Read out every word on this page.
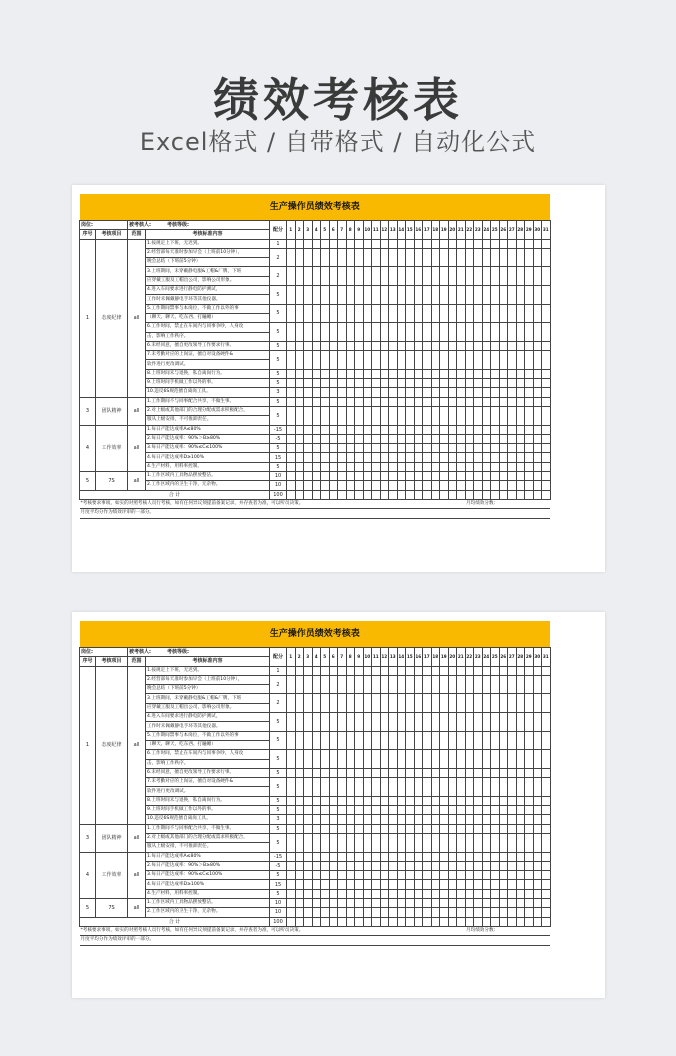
绩效考核表
Excel格式 / 自带格式 / 自动化公式
生产操作员绩效考核表																																			
岗位:		被考核人: 考核等级:		配分	1	2	3	4	5	6	7	8	9	10	11	12	13	14	15	16	17	18	19	20	21	22	23	24	25	26	27	28	29	30	31
序号	考核项目	范围	考核标准内容																																
1	态度纪律	all	1.按规定上下班，无迟到。	1																															
			2.经营部每天准时参加早会（上班前10分钟），	2																															
			晚会总结（下班前5分钟）																																
			3.上班期间，未穿戴静电服&工帽&厂牌，下班	2																															
			应穿戴工服及工帽出公司，影响公司形象。																																
			4.进入车间要求进行静电防护测试，	5																															
			工作时未佩戴静电手环等其他仪器。																																
			5.工作期间禁事与本岗位，不做工作以外的事	5																															
			（聊天、聊天、吃东西、打瞌睡）																																
			6.工作时间，禁止在车间内与同事争吵，人身攻	5																															
			击，影响工作秩序。																																
			6.未经同意，擅自更改领导工作要求行事。	5																															
			7.未考勤对应的上岗证，擅自对设备硬件&	5																															
			软件进行更改调试。																																
			8.上班时间未与退换，私自离岗行为。	5																															
			9.上班时间手机做工作以外的事。	5																															
			10.违反6S规范擅自离岗工具。	3																															
3	团队精神	all	1.工作期间不与同事配合共享，不做生事。	5																															
			2.对上级或其他部门的合理分配或需求积极配合，	5																															
			服从上级安排，不可推卸责任。																																
4	工作效率	all	1.每日产能达成率A≤80%	-15																															
			2.每日产能达成率：90%＞B≥80%	-5																															
			3.每日产能达成率：90%≤C≤100%	5																															
			4.每日产能达成率D≥100%	15																															
			4.生产材料，用料率控制。	5																															
5	7S	all	1.工作区域内工具物品摆放整洁。	10																															
			2.工作区域内的卫生干净，无杂物。	10																															
合 计				100																															
*考核要求事项，如实的对照考核人员行考核，如有任何异议须提前备案记录，并存查者为准，可以听员决策。																										月均绩效分数:									
月度平均分作为绩效评审的一部分。																																			
生产操作员绩效考核表																																			
岗位:		被考核人: 考核等级:		配分	1	2	3	4	5	6	7	8	9	10	11	12	13	14	15	16	17	18	19	20	21	22	23	24	25	26	27	28	29	30	31
序号	考核项目	范围	考核标准内容																																
1	态度纪律	all	1.按规定上下班，无迟到。	1																															
			2.经营部每天准时参加早会（上班前10分钟），	2																															
			晚会总结（下班前5分钟）																																
			3.上班期间，未穿戴静电服&工帽&厂牌，下班	2																															
			应穿戴工服及工帽出公司，影响公司形象。																																
			4.进入车间要求进行静电防护测试，	5																															
			工作时未佩戴静电手环等其他仪器。																																
			5.工作期间禁事与本岗位，不做工作以外的事	5																															
			（聊天、聊天、吃东西、打瞌睡）																																
			6.工作时间，禁止在车间内与同事争吵，人身攻	5																															
			击，影响工作秩序。																																
			6.未经同意，擅自更改领导工作要求行事。	5																															
			7.未考勤对应的上岗证，擅自对设备硬件&	5																															
			软件进行更改调试。																																
			8.上班时间未与退换，私自离岗行为。	5																															
			9.上班时间手机做工作以外的事。	5																															
			10.违反6S规范擅自离岗工具。	3																															
3	团队精神	all	1.工作期间不与同事配合共享，不做生事。	5																															
			2.对上级或其他部门的合理分配或需求积极配合，	5																															
			服从上级安排，不可推卸责任。																																
4	工作效率	all	1.每日产能达成率A≤80%	-15																															
			2.每日产能达成率：90%＞B≥80%	-5																															
			3.每日产能达成率：90%≤C≤100%	5																															
			4.每日产能达成率D≥100%	15																															
			4.生产材料，用料率控制。	5																															
5	7S	all	1.工作区域内工具物品摆放整洁。	10																															
			2.工作区域内的卫生干净，无杂物。	10																															
合 计				100																															
*考核要求事项，如实的对照考核人员行考核，如有任何异议须提前备案记录，并存查者为准，可以听员决策。																										月均绩效分数:									
月度平均分作为绩效评审的一部分。																																			
